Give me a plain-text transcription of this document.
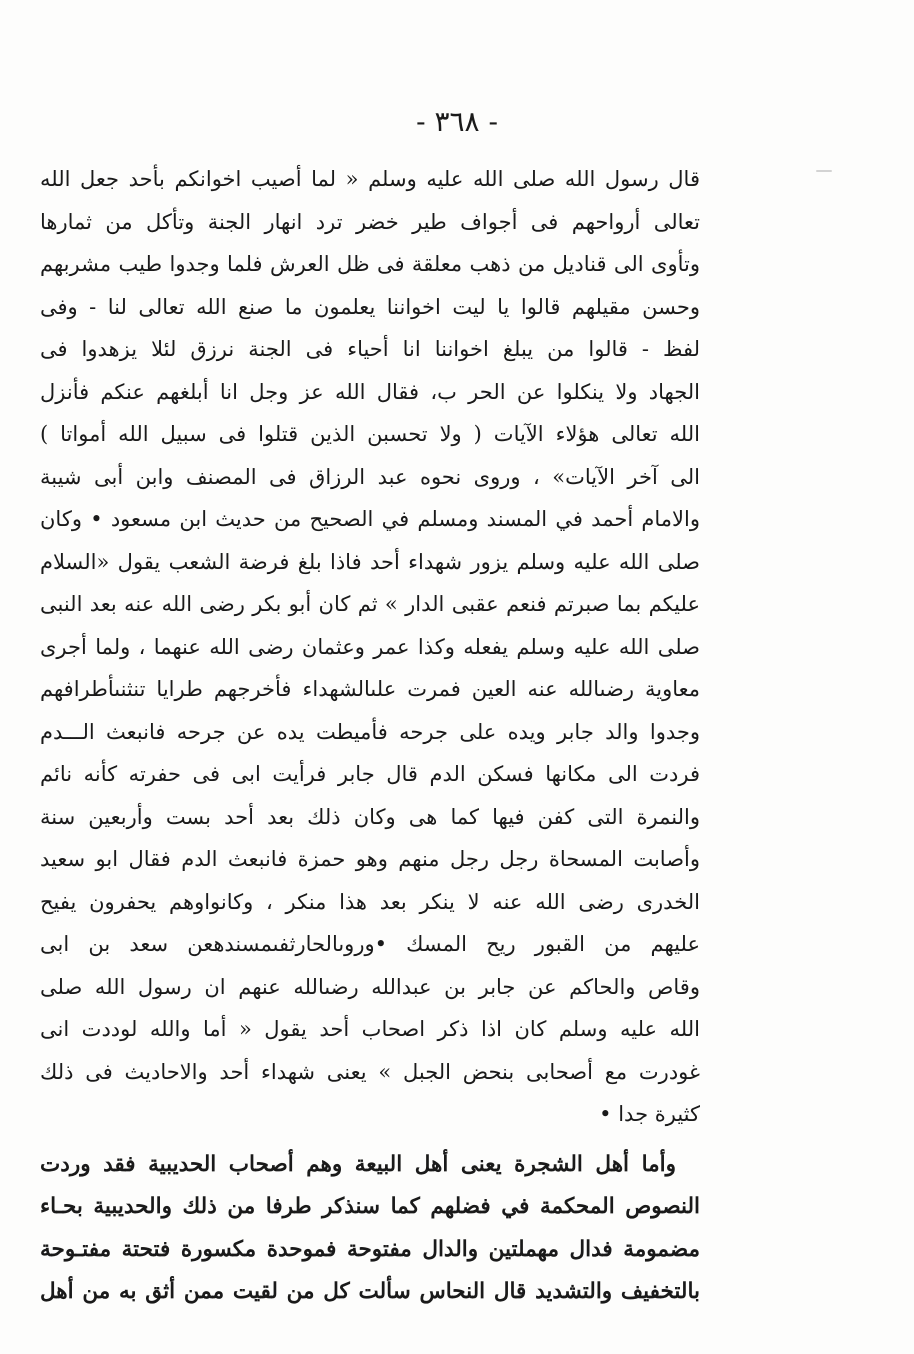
- ٣٦٨ -
قال رسول الله صلى الله عليه وسلم « لما أصيب اخوانكم بأحد جعل الله
تعالى أرواحهم فى أجواف طير خضر ترد انهار الجنة وتأكل من ثمارها
وتأوى الى قناديل من ذهب معلقة فى ظل العرش فلما وجدوا طيب مشربهم
وحسن مقيلهم قالوا يا ليت اخواننا يعلمون ما صنع الله تعالى لنا - وفى
لفظ - قالوا من يبلغ اخواننا انا أحياء فى الجنة نرزق لئلا يزهدوا فى
الجهاد ولا ينكلوا عن الحر ب، فقال الله عز وجل انا أبلغهم عنكم فأنزل
الله تعالى هؤلاء الآيات ( ولا تحسبن الذين قتلوا فى سبيل الله أمواتا )
الى آخر الآيات» ، وروى نحوه عبد الرزاق فى المصنف وابن أبى شيبة
والامام أحمد في المسند ومسلم في الصحيح من حديث ابن مسعود • وكان
صلى الله عليه وسلم يزور شهداء أحد فاذا بلغ فرضة الشعب يقول «السلام
عليكم بما صبرتم فنعم عقبى الدار » ثم كان أبو بكر رضى الله عنه بعد النبى
صلى الله عليه وسلم يفعله وكذا عمر وعثمان رضى الله عنهما ، ولما أجرى
معاوية رضىالله عنه العين فمرت علىالشهداء فأخرجهم طرايا تنثنىأطرافهم
وجدوا والد جابر ويده على جرحه فأميطت يده عن جرحه فانبعث الـــدم
فردت الى مكانها فسكن الدم قال جابر فرأيت ابى فى حفرته كأنه نائم
والنمرة التى كفن فيها كما هى وكان ذلك بعد أحد بست وأربعين سنة
وأصابت المسحاة رجل رجل منهم وهو حمزة فانبعث الدم فقال ابو سعيد
الخدرى رضى الله عنه لا ينكر بعد هذا منكر ، وكانواوهم يحفرون يفيح
عليهم من القبور ريح المسك •وروىالحارثفىمسندهعن سعد بن ابى
وقاص والحاكم عن جابر بن عبدالله رضىالله عنهم ان رسول الله صلى
الله عليه وسلم كان اذا ذكر اصحاب أحد يقول « أما والله لوددت انى
غودرت مع أصحابى بنحض الجبل » يعنى شهداء أحد والاحاديث فى ذلك
كثيرة جدا •
وأما أهل الشجرة يعنى أهل البيعة وهم أصحاب الحديبية فقد وردت
النصوص المحكمة في فضلهم كما سنذكر طرفا من ذلك والحديبية بحـاء
مضمومة فدال مهملتين والدال مفتوحة فموحدة مكسورة فتحتة مفتـوحة
بالتخفيف والتشديد قال النحاس سألت كل من لقيت ممن أثق به من أهل
